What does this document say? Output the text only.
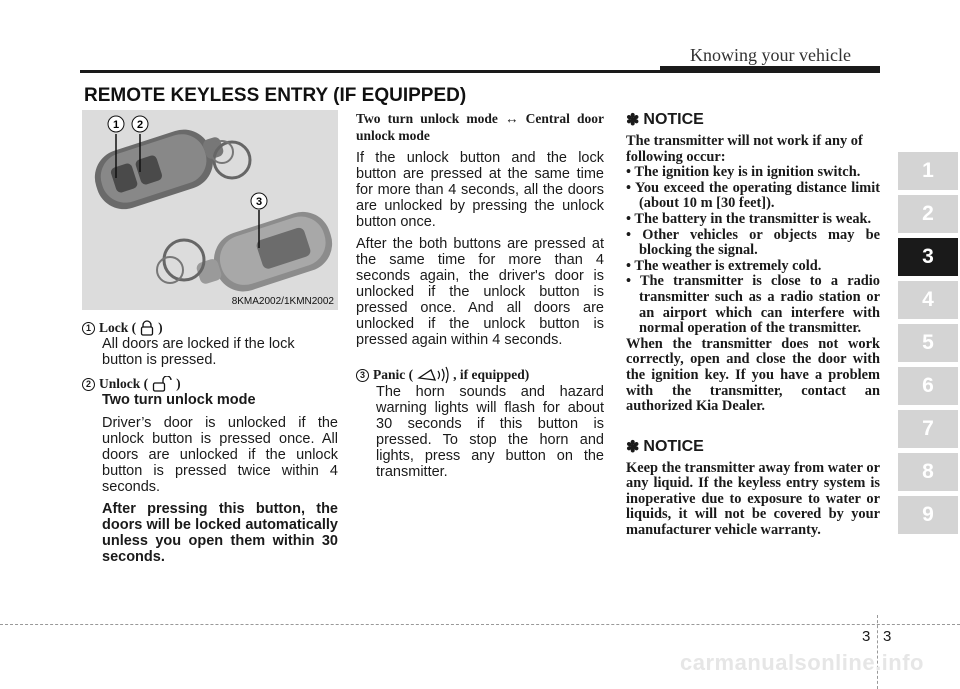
Knowing your vehicle
REMOTE KEYLESS ENTRY (IF EQUIPPED)
1 2
3
8KMA2002/1KMN2002
1 Lock ( )
All doors are locked if the lock button is pressed.
2 Unlock ( )
Two turn unlock mode
Driver’s door is unlocked if the unlock button is pressed once. All doors are unlocked if the unlock button is pressed twice within 4 seconds.
After pressing this button, the doors will be locked automatically unless you open them within 30 seconds.
Two turn unlock mode ↔ Central door unlock mode
If the unlock button and the lock button are pressed at the same time for more than 4 seconds, all the doors are unlocked by pressing the unlock button once.
After the both buttons are pressed at the same time for more than 4 seconds again, the driver's door is unlocked if the unlock button is pressed once. And all doors are unlocked if the unlock button is pressed again within 4 seconds.
3 Panic (	, if equipped)
The horn sounds and hazard warning lights will flash for about 30 seconds if this button is pressed. To stop the horn and lights, press any button on the transmitter.
✽ NOTICE
The transmitter will not work if any of following occur:
• The ignition key is in ignition switch.
• You exceed the operating distance limit (about 10 m [30 feet]).
• The battery in the transmitter is weak.
• Other vehicles or objects may be blocking the signal.
• The weather is extremely cold.
• The transmitter is close to a radio transmitter such as a radio station or an airport which can interfere with normal operation of the transmitter.
When the transmitter does not work correctly, open and close the door with the ignition key. If you have a problem with the transmitter, contact an authorized Kia Dealer.
✽ NOTICE
Keep the transmitter away from water or any liquid. If the keyless entry system is inoperative due to exposure to water or liquids, it will not be covered by your manufacturer vehicle warranty.
1
2
3
4
5
6
7
8
9
3 3
carmanualsonline.info
